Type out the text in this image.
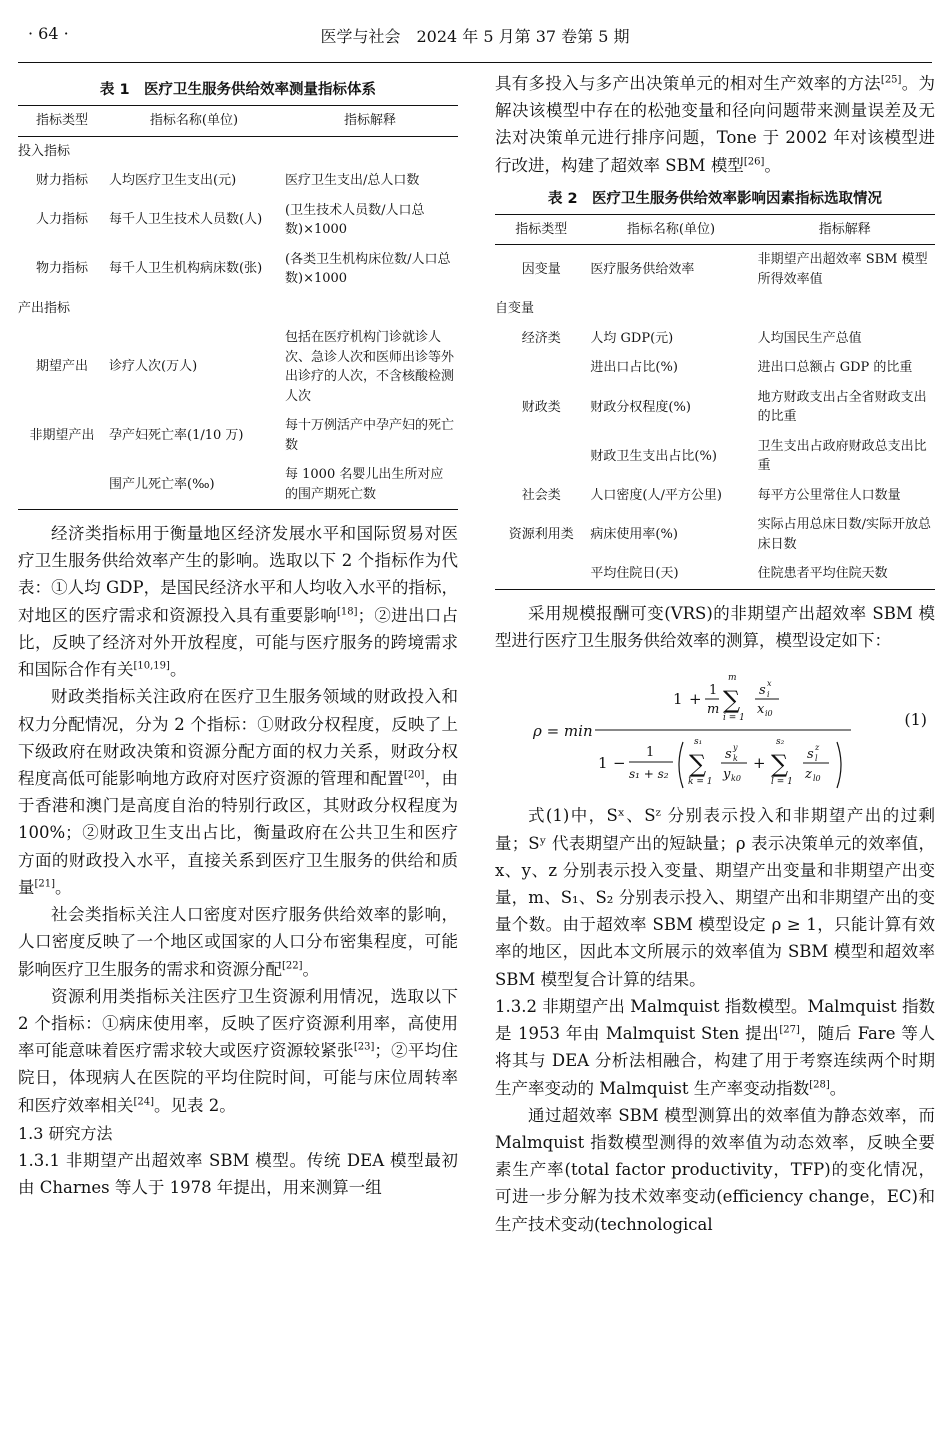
· 64 ·	医学与社会　2024 年 5 月第 37 卷第 5 期
表 1　医疗卫生服务供给效率测量指标体系
指标类型	指标名称(单位)	指标解释
投入指标		
财力指标	人均医疗卫生支出(元)	医疗卫生支出/总人口数
人力指标	每千人卫生技术人员数(人)	(卫生技术人员数/人口总数)×1000
物力指标	每千人卫生机构病床数(张)	(各类卫生机构床位数/人口总数)×1000
产出指标		
期望产出	诊疗人次(万人)	包括在医疗机构门诊就诊人次、急诊人次和医师出诊等外出诊疗的人次，不含核酸检测人次
非期望产出	孕产妇死亡率(1/10 万)	每十万例活产中孕产妇的死亡数
	围产儿死亡率(‰)	每 1000 名婴儿出生所对应的围产期死亡数

经济类指标用于衡量地区经济发展水平和国际贸易对医疗卫生服务供给效率产生的影响。选取以下 2 个指标作为代表：①人均 GDP，是国民经济水平和人均收入水平的指标，对地区的医疗需求和资源投入具有重要影响[18]；②进出口占比，反映了经济对外开放程度，可能与医疗服务的跨境需求和国际合作有关[10,19]。

财政类指标关注政府在医疗卫生服务领域的财政投入和权力分配情况，分为 2 个指标：①财政分权程度，反映了上下级政府在财政决策和资源分配方面的权力关系，财政分权程度高低可能影响地方政府对医疗资源的管理和配置[20]，由于香港和澳门是高度自治的特别行政区，其财政分权程度为 100%；②财政卫生支出占比，衡量政府在公共卫生和医疗方面的财政投入水平，直接关系到医疗卫生服务的供给和质量[21]。

社会类指标关注人口密度对医疗服务供给效率的影响，人口密度反映了一个地区或国家的人口分布密集程度，可能影响医疗卫生服务的需求和资源分配[22]。

资源利用类指标关注医疗卫生资源利用情况，选取以下 2 个指标：①病床使用率，反映了医疗资源利用率，高使用率可能意味着医疗需求较大或医疗资源较紧张[23]；②平均住院日，体现病人在医院的平均住院时间，可能与床位周转率和医疗效率相关[24]。见表 2。

1.3 研究方法

1.3.1 非期望产出超效率 SBM 模型。传统 DEA 模型最初由 Charnes 等人于 1978 年提出，用来测算一组

具有多投入与多产出决策单元的相对生产效率的方法[25]。为解决该模型中存在的松弛变量和径向问题带来测量误差及无法对决策单元进行排序问题，Tone 于 2002 年对该模型进行改进，构建了超效率 SBM 模型[26]。

表 2　医疗卫生服务供给效率影响因素指标选取情况
指标类型	指标名称(单位)	指标解释
因变量	医疗服务供给效率	非期望产出超效率 SBM 模型所得效率值
自变量		
经济类	人均 GDP(元)	人均国民生产总值
	进出口占比(%)	进出口总额占 GDP 的比重
财政类	财政分权程度(%)	地方财政支出占全省财政支出的比重
	财政卫生支出占比(%)	卫生支出占政府财政总支出比重
社会类	人口密度(人/平方公里)	每平方公里常住人口数量
资源利用类	病床使用率(%)	实际占用总床日数/实际开放总床日数
	平均住院日(天)	住院患者平均住院天数

采用规模报酬可变(VRS)的非期望产出超效率 SBM 模型进行医疗卫生服务供给效率的测算，模型设定如下：

ρ = min
1 + 1
m ∑
m
i = 1
s x
i
x i0
1 −
1
s₁ + s₂ ∑
s₁
k = 1
s y
k
y k0
+ ∑
s₂
l = 1
s z
l
z l0
(1)

式(1)中，Sˣ、Sᶻ 分别表示投入和非期望产出的过剩量；Sʸ 代表期望产出的短缺量；ρ 表示决策单元的效率值，x、y、z 分别表示投入变量、期望产出变量和非期望产出变量，m、S₁、S₂ 分别表示投入、期望产出和非期望产出的变量个数。由于超效率 SBM 模型设定 ρ ≥ 1，只能计算有效率的地区，因此本文所展示的效率值为 SBM 模型和超效率 SBM 模型复合计算的结果。

1.3.2 非期望产出 Malmquist 指数模型。Malmquist 指数是 1953 年由 Malmquist Sten 提出[27]，随后 Fare 等人将其与 DEA 分析法相融合，构建了用于考察连续两个时期生产率变动的 Malmquist 生产率变动指数[28]。

通过超效率 SBM 模型测算出的效率值为静态效率，而 Malmquist 指数模型测得的效率值为动态效率，反映全要素生产率(total factor productivity，TFP)的变化情况，可进一步分解为技术效率变动(efficiency change，EC)和生产技术变动(technological
